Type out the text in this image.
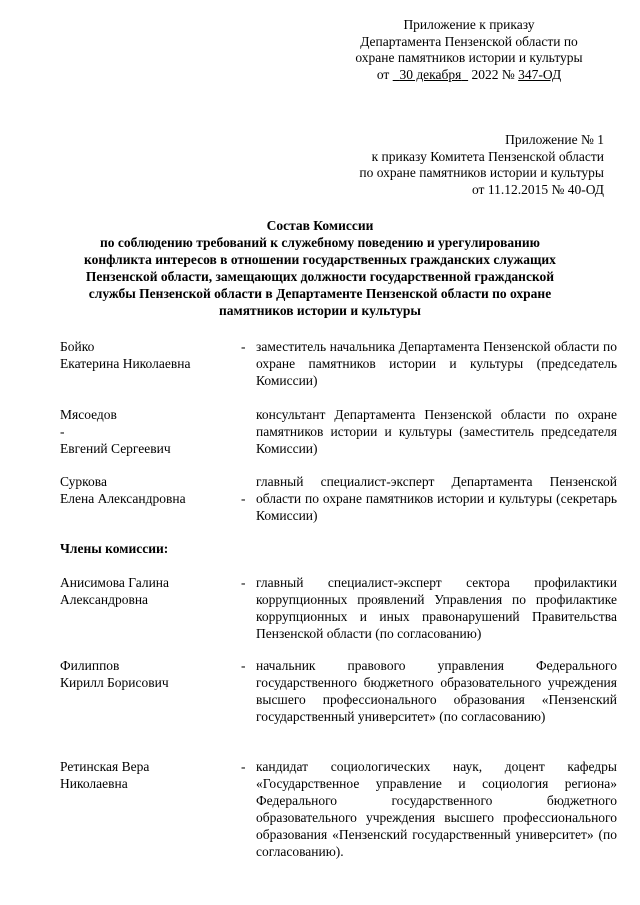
Приложение к приказу
Департамента Пензенской области по
охране памятников истории и культуры
от 30 декабря 2022 № 347-ОД
Приложение № 1
к приказу Комитета Пензенской области
по охране памятников истории и культуры
от 11.12.2015 № 40-ОД
Состав Комиссии
по соблюдению требований к служебному поведению и урегулированию
конфликта интересов в отношении государственных гражданских служащих
Пензенской области, замещающих должности государственной гражданской
службы Пензенской области в Департаменте Пензенской области по охране
памятников истории и культуры
Бойко
Екатерина Николаевна
- заместитель начальника Департамента Пензенской области по охране памятников истории и культуры (председатель Комиссии)
Мясоедов
-
Евгений Сергеевич
консультант Департамента Пензенской области по охране памятников истории и культуры (заместитель председателя Комиссии)
Суркова
Елена Александровна	-
главный специалист-эксперт Департамента Пензенской области по охране памятников истории и культуры (секретарь Комиссии)
Члены комиссии:
Анисимова Галина
Александровна
- главный специалист-эксперт сектора профилактики коррупционных проявлений Управления по профилактике коррупционных и иных правонарушений Правительства Пензенской области (по согласованию)
Филиппов
Кирилл Борисович
- начальник правового управления Федерального государственного бюджетного образовательного учреждения высшего профессионального образования «Пензенский государственный университет» (по согласованию)
Ретинская Вера
Николаевна
- кандидат социологических наук, доцент кафедры «Государственное управление и социология региона» Федерального государственного бюджетного образовательного учреждения высшего профессионального образования «Пензенский государственный университет» (по согласованию).
